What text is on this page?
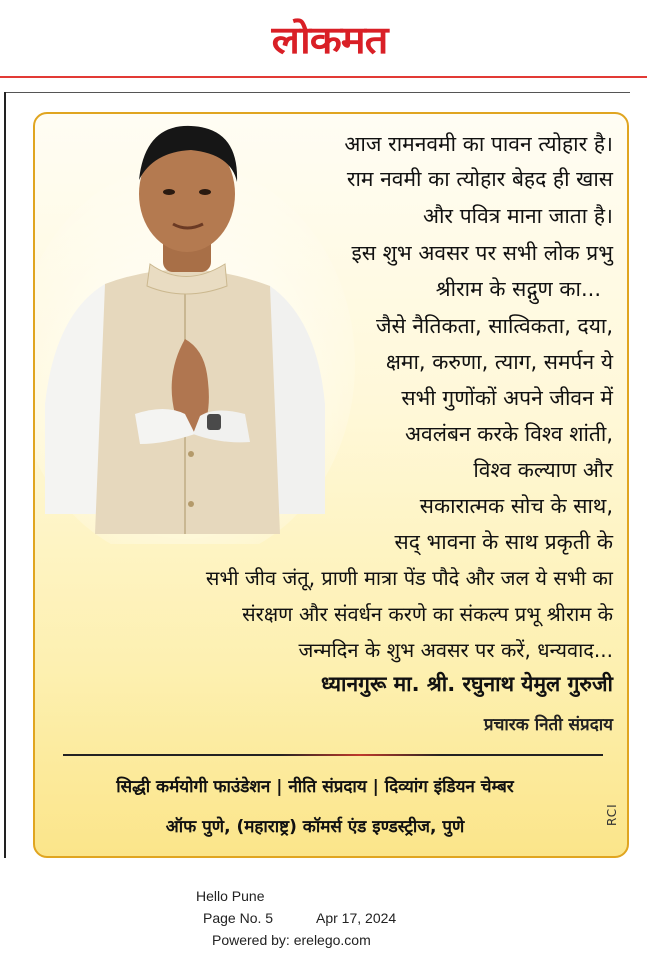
लोकमत
आज रामनवमी का पावन त्योहार है।
राम नवमी का त्योहार बेहद ही खास
और पवित्र माना जाता है।
इस शुभ अवसर पर सभी लोक प्रभु
श्रीराम के सद्गुण का...
जैसे नैतिकता, सात्विकता, दया,
क्षमा, करुणा, त्याग, समर्पन ये
सभी गुणोंकों अपने जीवन में
अवलंबन करके विश्व शांती,
विश्व कल्याण और
सकारात्मक सोच के साथ,
सद् भावना के साथ प्रकृती के
सभी जीव जंतू, प्राणी मात्रा पेंड पौदे और जल ये सभी का
संरक्षण और संवर्धन करणे का संकल्प प्रभू श्रीराम के
जन्मदिन के शुभ अवसर पर करें, धन्यवाद...
ध्यानगुरू मा. श्री. रघुनाथ येमुल गुरुजी
प्रचारक निती संप्रदाय
सिद्धी कर्मयोगी फाउंडेशन | नीति संप्रदाय | दिव्यांग इंडियन चेम्बर
ऑफ पुणे, (महाराष्ट्र) कॉमर्स एंड इण्डस्ट्रीज, पुणे
RCI
Hello Pune
Page No. 5	Apr 17, 2024
Powered by: erelego.com
